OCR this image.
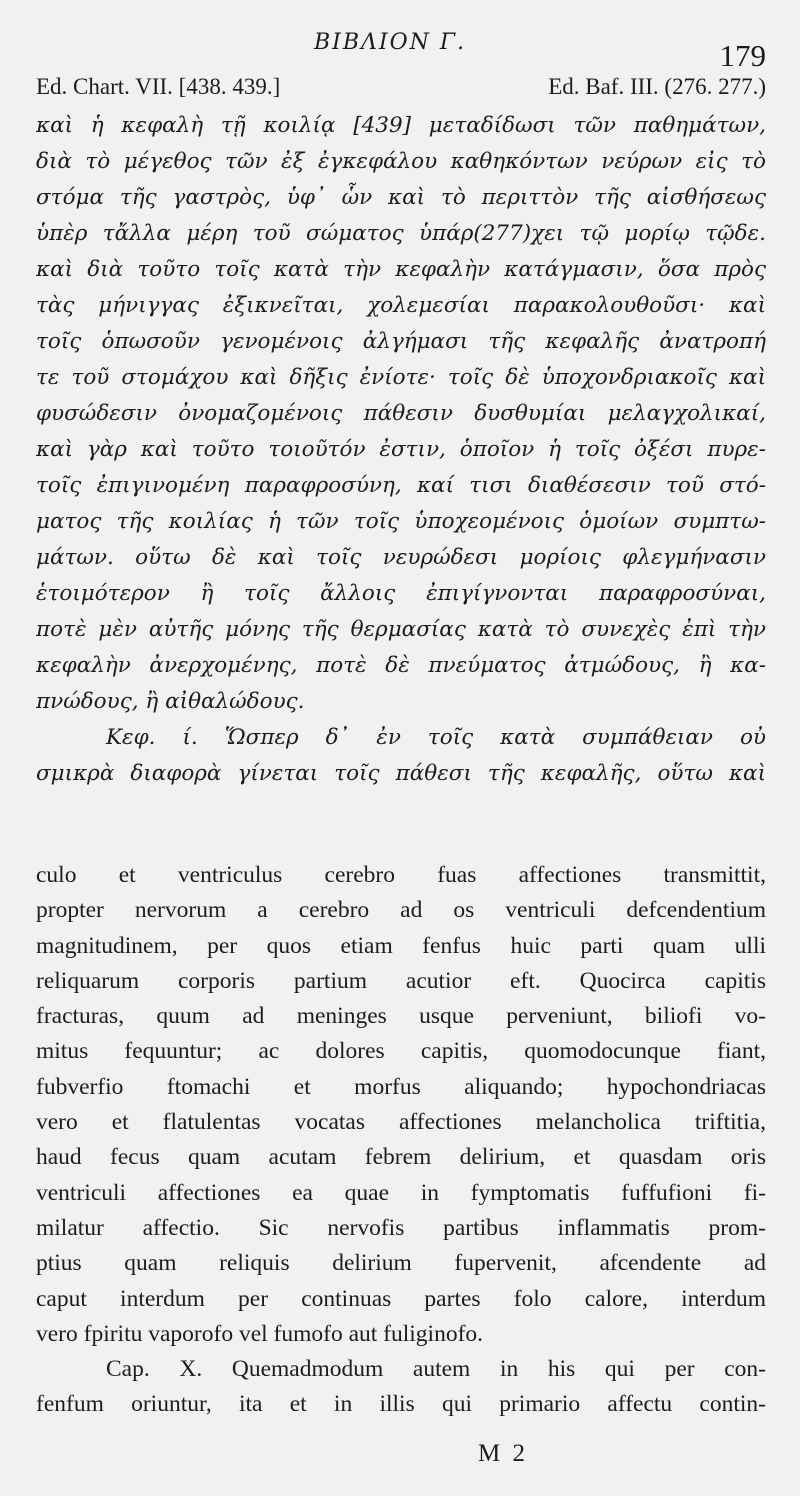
ΒΙΒΛΙΟΝ Γ.	179
Ed. Chart. VII. [438. 439.]	Ed. Baf. III. (276. 277.)
καὶ ἡ κεφαλὴ τῇ κοιλίᾳ [439] μεταδίδωσι τῶν παθημάτων,
διὰ τὸ μέγεθος τῶν ἐξ ἐγκεφάλου καθηκόντων νεύρων εἰς τὸ
στόμα τῆς γαστρὸς, ὑφ᾽ ὧν καὶ τὸ περιττὸν τῆς αἰσθήσεως
ὑπὲρ τἄλλα μέρη τοῦ σώματος ὑπάρ(277)χει τῷ μορίῳ τῷδε.
καὶ διὰ τοῦτο τοῖς κατὰ τὴν κεφαλὴν κατάγμασιν, ὅσα πρὸς
τὰς μήνιγγας ἐξικνεῖται, χολεμεσίαι παρακολουθοῦσι· καὶ
τοῖς ὁπωσοῦν γενομένοις ἀλγήμασι τῆς κεφαλῆς ἀνατροπή
τε τοῦ στομάχου καὶ δῆξις ἐνίοτε· τοῖς δὲ ὑποχονδριακοῖς καὶ
φυσώδεσιν ὀνομαζομένοις πάθεσιν δυσθυμίαι μελαγχολικαί,
καὶ γὰρ καὶ τοῦτο τοιοῦτόν ἐστιν, ὁποῖον ἡ τοῖς ὀξέσι πυρε-
τοῖς ἐπιγινομένη παραφροσύνη, καί τισι διαθέσεσιν τοῦ στό-
ματος τῆς κοιλίας ἡ τῶν τοῖς ὑποχεομένοις ὁμοίων συμπτω-
μάτων. οὕτω δὲ καὶ τοῖς νευρώδεσι μορίοις φλεγμήνασιν
ἑτοιμότερον ἢ τοῖς ἄλλοις ἐπιγίγνονται παραφροσύναι,
ποτὲ μὲν αὐτῆς μόνης τῆς θερμασίας κατὰ τὸ συνεχὲς ἐπὶ τὴν
κεφαλὴν ἀνερχομένης, ποτὲ δὲ πνεύματος ἀτμώδους, ἢ κα-
πνώδους, ἢ αἰθαλώδους.
Κεφ. ί. Ὥσπερ δ᾽ ἐν τοῖς κατὰ συμπάθειαν οὐ
σμικρὰ διαφορὰ γίνεται τοῖς πάθεσι τῆς κεφαλῆς, οὕτω καὶ
culo et ventriculus cerebro fuas affectiones transmittit,
propter nervorum a cerebro ad os ventriculi defcendentium
magnitudinem, per quos etiam fenfus huic parti quam ulli
reliquarum corporis partium acutior eft. Quocirca capitis
fracturas, quum ad meninges usque perveniunt, biliofi vo-
mitus fequuntur; ac dolores capitis, quomodocunque fiant,
fubverfio ftomachi et morfus aliquando; hypochondriacas
vero et flatulentas vocatas affectiones melancholica triftitia,
haud fecus quam acutam febrem delirium, et quasdam oris
ventriculi affectiones ea quae in fymptomatis fuffufioni fi-
milatur affectio. Sic nervofis partibus inflammatis prom-
ptius quam reliquis delirium fupervenit, afcendente ad
caput interdum per continuas partes folo calore, interdum
vero fpiritu vaporofo vel fumofo aut fuliginofo.
Cap. X. Quemadmodum autem in his qui per con-
fenfum oriuntur, ita et in illis qui primario affectu contin-
M 2
